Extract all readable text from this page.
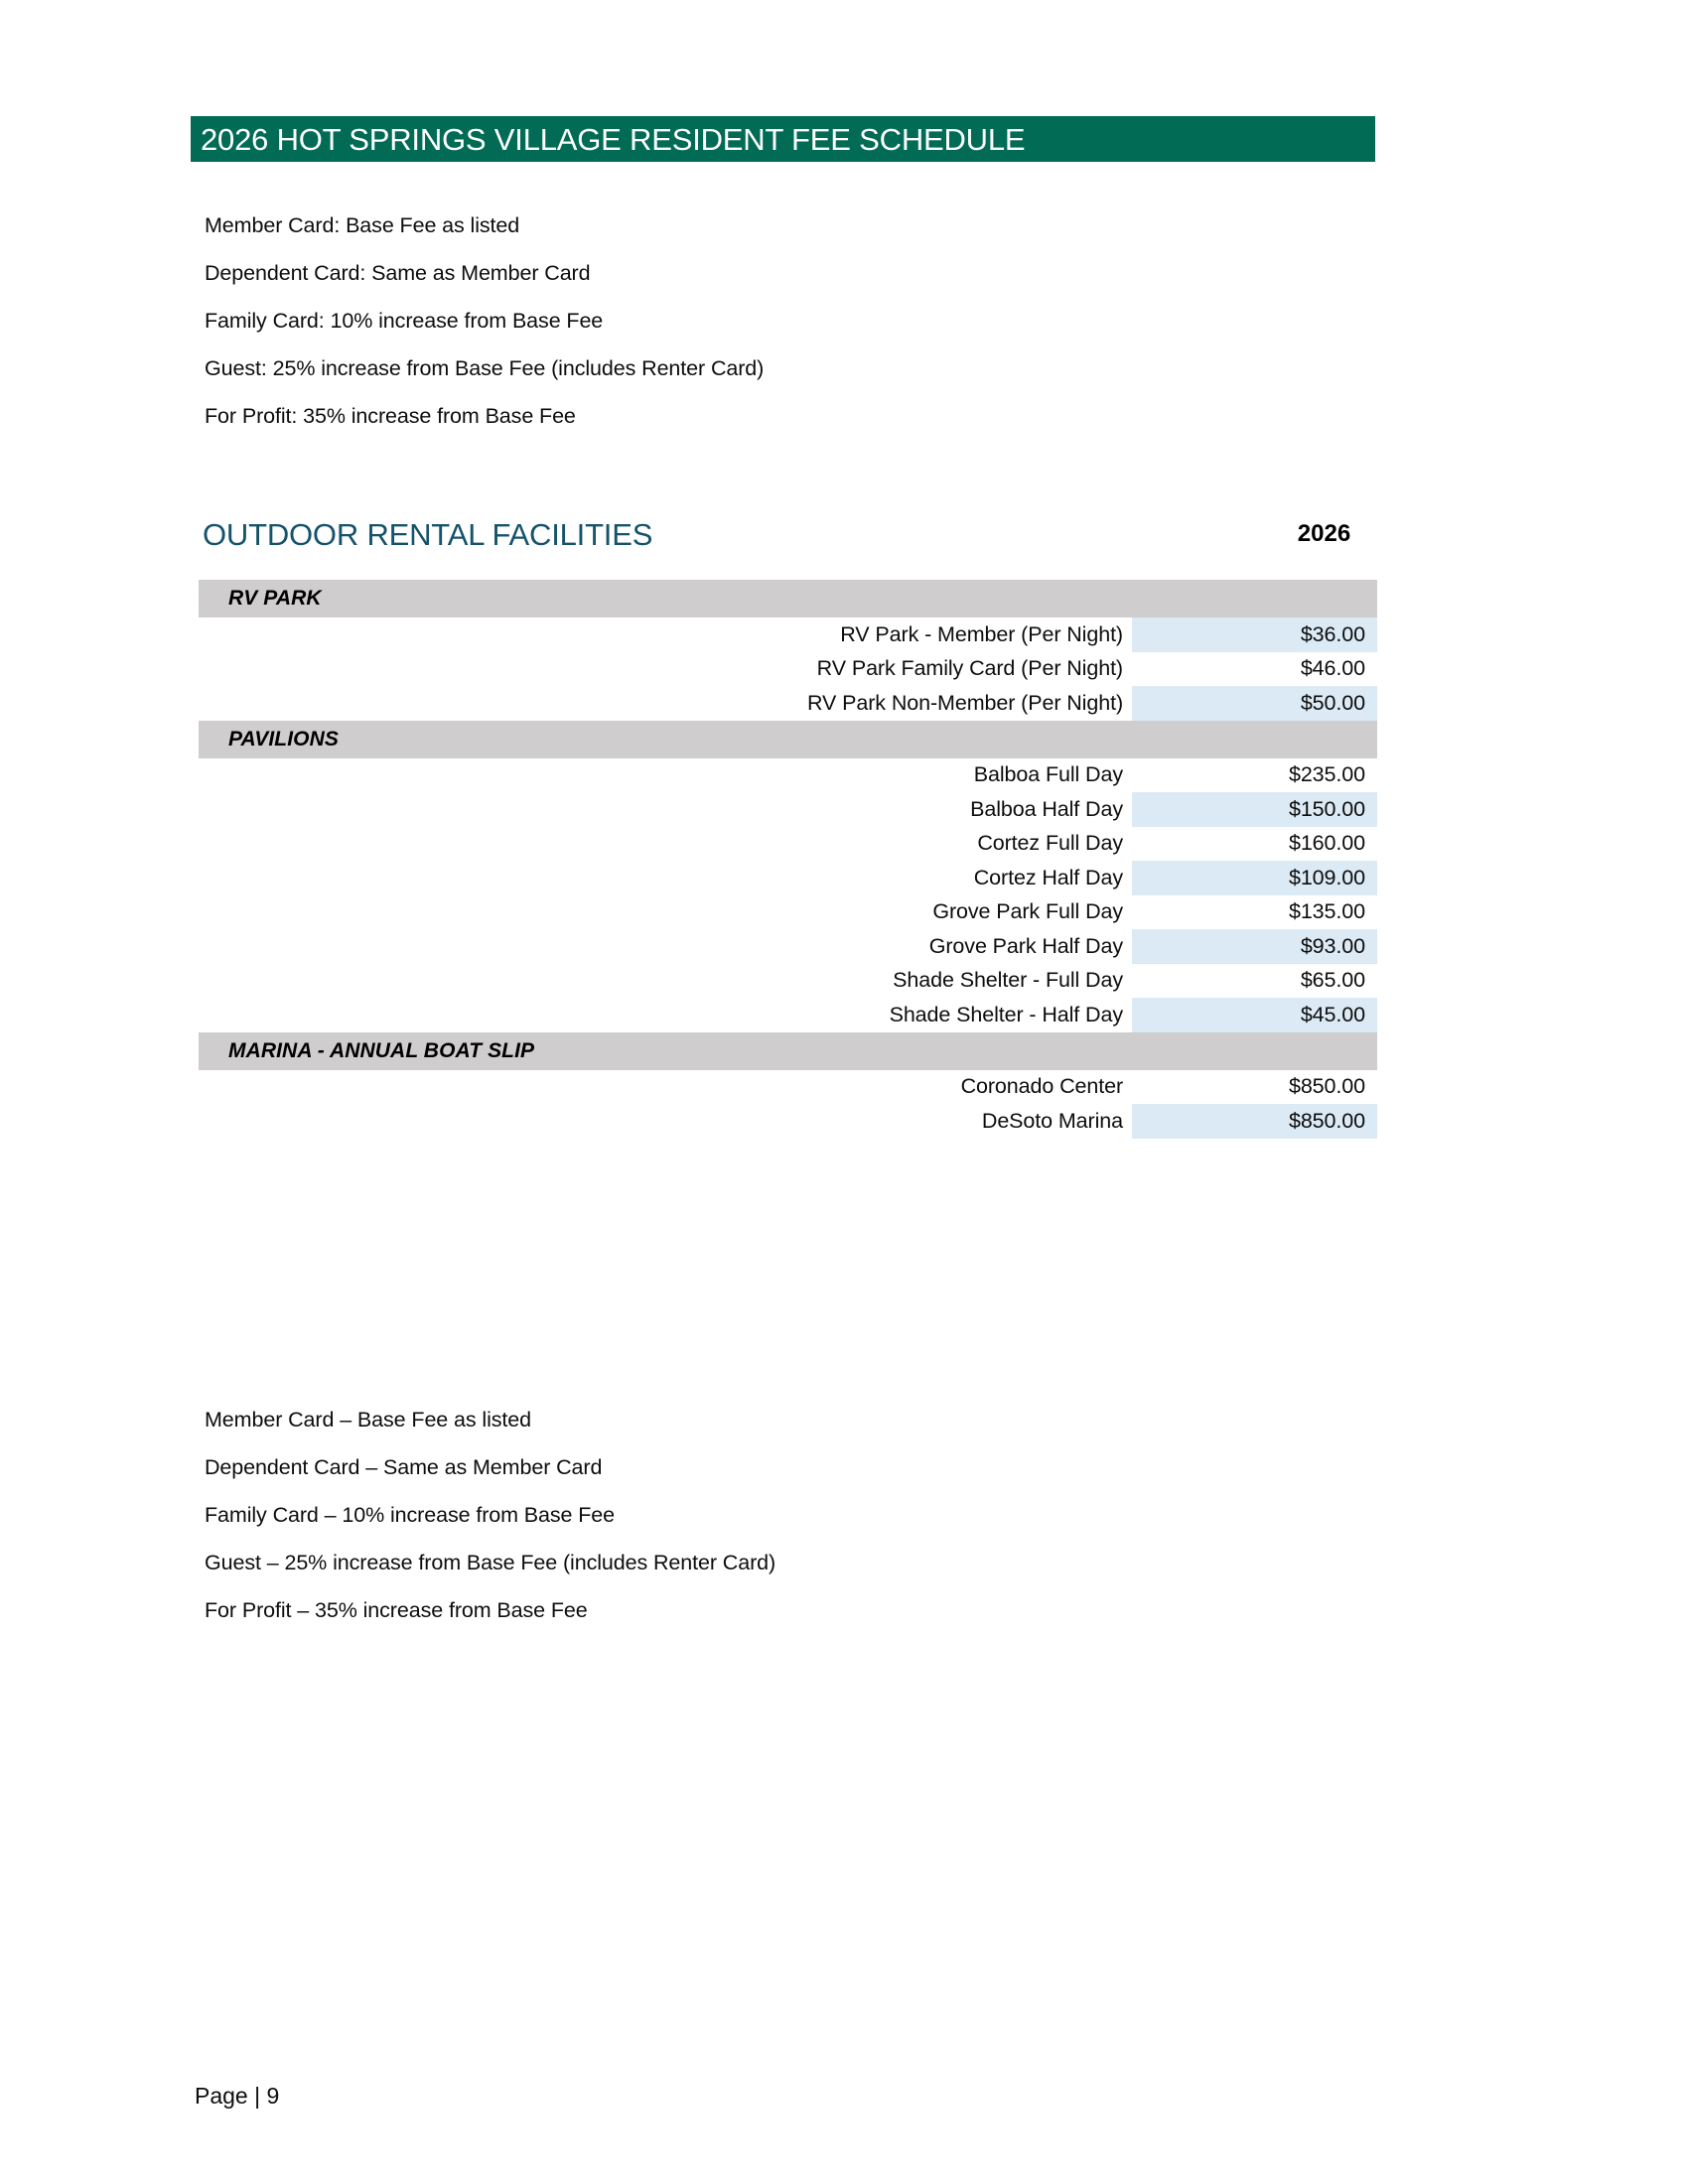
2026 HOT SPRINGS VILLAGE RESIDENT FEE SCHEDULE
Member Card: Base Fee as listed
Dependent Card: Same as Member Card
Family Card: 10% increase from Base Fee
Guest: 25% increase from Base Fee (includes Renter Card)
For Profit: 35% increase from Base Fee
OUTDOOR RENTAL FACILITIES	2026
RV PARK	
RV Park - Member (Per Night)	$36.00
RV Park Family Card (Per Night)	$46.00
RV Park Non-Member (Per Night)	$50.00
PAVILIONS	
Balboa Full Day	$235.00
Balboa Half Day	$150.00
Cortez Full Day	$160.00
Cortez Half Day	$109.00
Grove Park Full Day	$135.00
Grove Park Half Day	$93.00
Shade Shelter - Full Day	$65.00
Shade Shelter - Half Day	$45.00
MARINA - ANNUAL BOAT SLIP	
Coronado Center	$850.00
DeSoto Marina	$850.00
Member Card – Base Fee as listed
Dependent Card – Same as Member Card
Family Card – 10% increase from Base Fee
Guest – 25% increase from Base Fee (includes Renter Card)
For Profit – 35% increase from Base Fee
Page | 9
